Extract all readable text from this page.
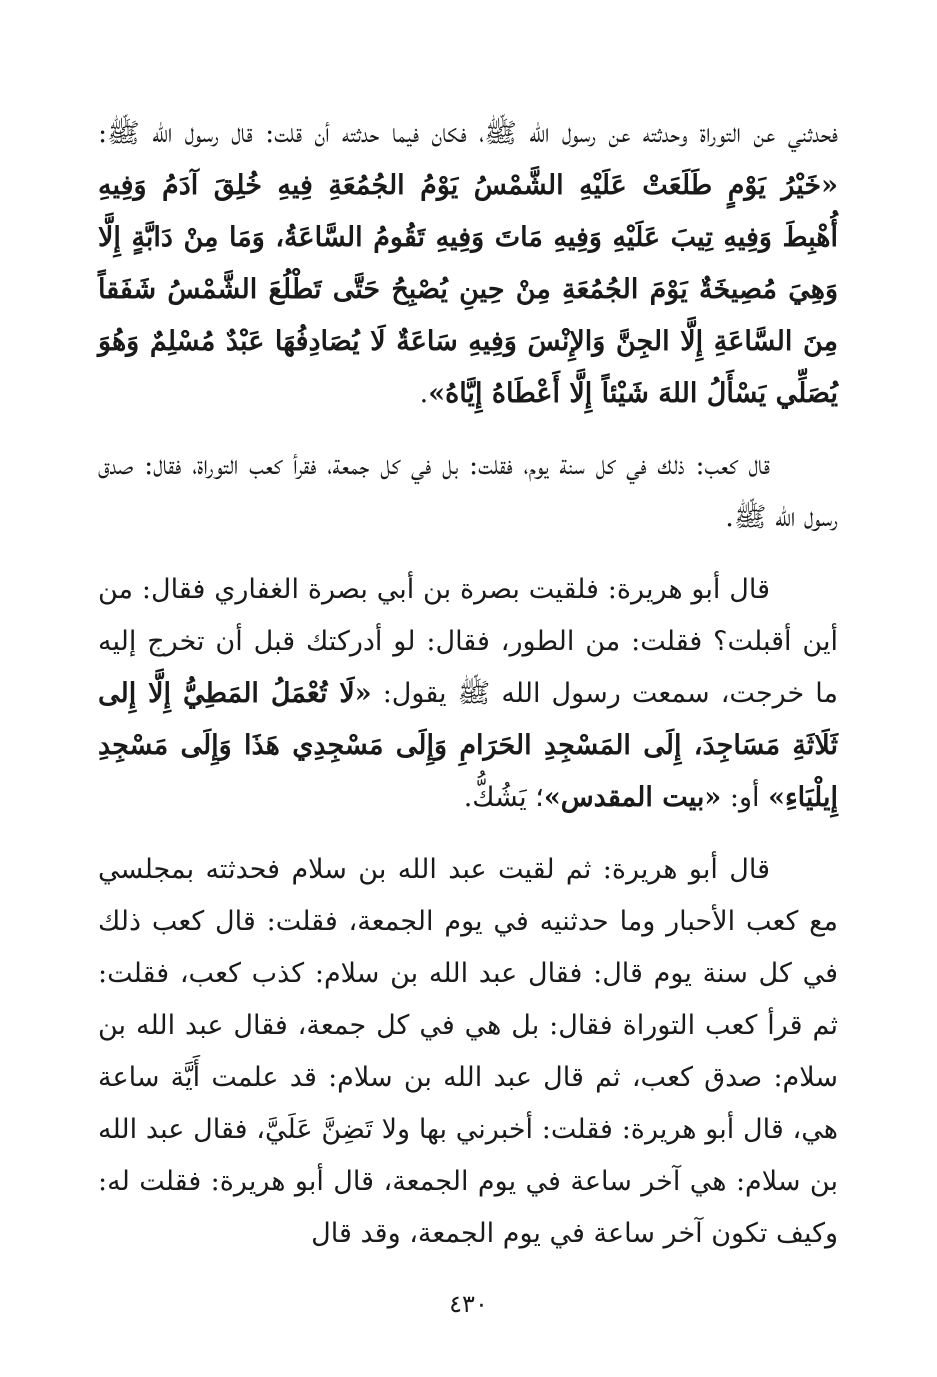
فحدثني عن التوراة وحدثته عن رسول الله ﷺ، فكان فيما حدثته أن قلت: قال رسول الله ﷺ: «خَيْرُ يَوْمٍ طَلَعَتْ عَلَيْهِ الشَّمْسُ يَوْمُ الجُمُعَةِ فِيهِ خُلِقَ آدَمُ وَفِيهِ أُهْبِطَ وَفِيهِ تِيبَ عَلَيْهِ وَفِيهِ مَاتَ وَفِيهِ تَقُومُ السَّاعَةُ، وَمَا مِنْ دَابَّةٍ إِلَّا وَهِيَ مُصِيخَةٌ يَوْمَ الجُمُعَةِ مِنْ حِينِ يُصْبِحُ حَتَّى تَطْلُعَ الشَّمْسُ شَفَقاً مِنَ السَّاعَةِ إِلَّا الجِنَّ وَالإِنْسَ وَفِيهِ سَاعَةٌ لَا يُصَادِفُهَا عَبْدٌ مُسْلِمٌ وَهُوَ يُصَلِّي يَسْأَلُ اللهَ شَيْئاً إِلَّا أَعْطَاهُ إِيَّاهُ».

قال كعب: ذلك في كل سنة يوم، فقلت: بل في كل جمعة، فقرأ كعب التوراة، فقال: صدق رسول الله ﷺ.

قال أبو هريرة: فلقيت بصرة بن أبي بصرة الغفاري فقال: من أين أقبلت؟ فقلت: من الطور، فقال: لو أدركتك قبل أن تخرج إليه ما خرجت، سمعت رسول الله ﷺ يقول: «لَا تُعْمَلُ المَطِيُّ إِلَّا إِلى ثَلَاثَةِ مَسَاجِدَ، إِلَى المَسْجِدِ الحَرَامِ وَإِلَى مَسْجِدِي هَذَا وَإِلَى مَسْجِدِ إِيلْيَاءِ» أو: «بيت المقدس»؛ يَشُكُّ.

قال أبو هريرة: ثم لقيت عبد الله بن سلام فحدثته بمجلسي مع كعب الأحبار وما حدثنيه في يوم الجمعة، فقلت: قال كعب ذلك في كل سنة يوم قال: فقال عبد الله بن سلام: كذب كعب، فقلت: ثم قرأ كعب التوراة فقال: بل هي في كل جمعة، فقال عبد الله بن سلام: صدق كعب، ثم قال عبد الله بن سلام: قد علمت أَيَّة ساعة هي، قال أبو هريرة: فقلت: أخبرني بها ولا تَضِنَّ عَلَيَّ، فقال عبد الله بن سلام: هي آخر ساعة في يوم الجمعة، قال أبو هريرة: فقلت له: وكيف تكون آخر ساعة في يوم الجمعة، وقد قال

٤٣٠
